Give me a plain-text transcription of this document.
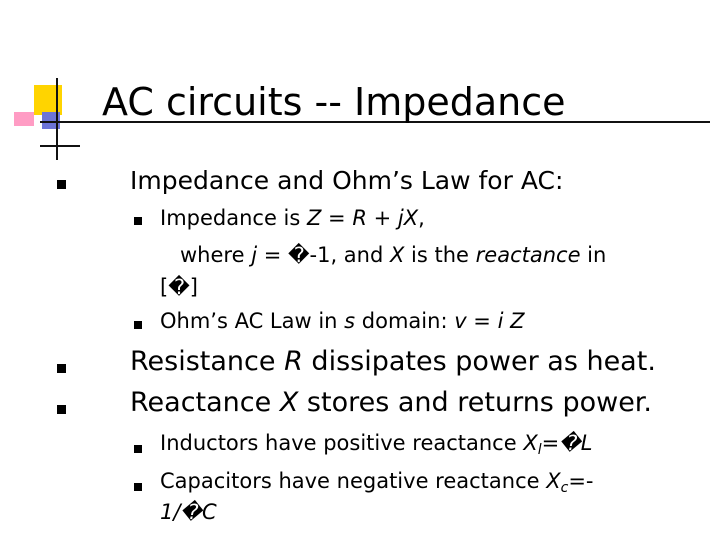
AC circuits -- Impedance
Impedance and Ohm’s Law for AC:
Impedance is Z = R + jX,
where j = �-1, and X is the reactance in
[�]
Ohm’s AC Law in s domain: v = i Z
Resistance R dissipates power as heat.
Reactance X stores and returns power.
Inductors have positive reactance $X_l=�L$
Capacitors have negative reactance $X_c=-$
1/�C
